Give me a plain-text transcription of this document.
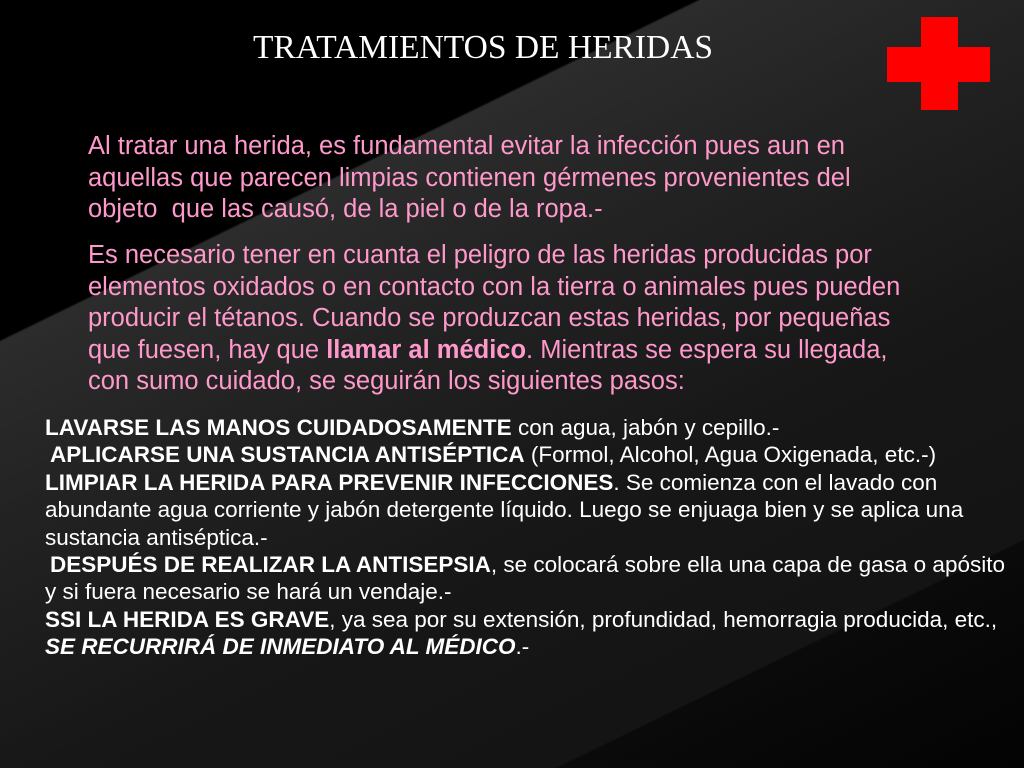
TRATAMIENTOS DE HERIDAS
Al tratar una herida, es fundamental evitar la infección pues aun en
aquellas que parecen limpias contienen gérmenes provenientes del
objeto  que las causó, de la piel o de la ropa.-
Es necesario tener en cuanta el peligro de las heridas producidas por
elementos oxidados o en contacto con la tierra o animales pues pueden
producir el tétanos. Cuando se produzcan estas heridas, por pequeñas
que fuesen, hay que llamar al médico. Mientras se espera su llegada,
con sumo cuidado, se seguirán los siguientes pasos:
LAVARSE LAS MANOS CUIDADOSAMENTE con agua, jabón y cepillo.-
APLICARSE UNA SUSTANCIA ANTISÉPTICA (Formol, Alcohol, Agua Oxigenada, etc.-)
LIMPIAR LA HERIDA PARA PREVENIR INFECCIONES. Se comienza con el lavado con
abundante agua corriente y jabón detergente líquido. Luego se enjuaga bien y se aplica una
sustancia antiséptica.-
DESPUÉS DE REALIZAR LA ANTISEPSIA, se colocará sobre ella una capa de gasa o apósito
y si fuera necesario se hará un vendaje.-
SSI LA HERIDA ES GRAVE, ya sea por su extensión, profundidad, hemorragia producida, etc.,
SE RECURRIRÁ DE INMEDIATO AL MÉDICO.-
